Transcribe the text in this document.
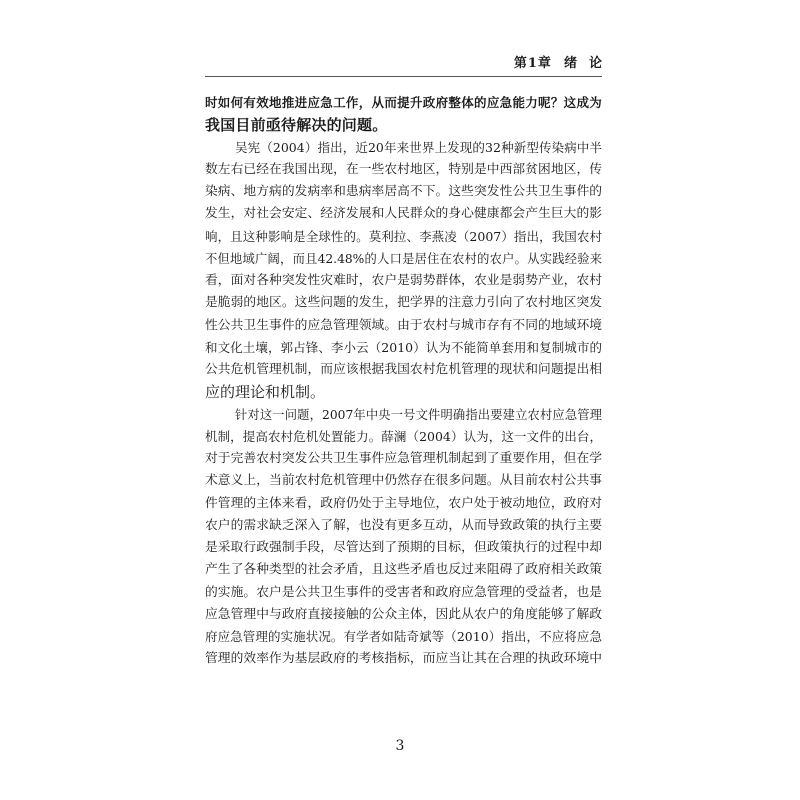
第1章 绪  论
时如何有效地推进应急工作，从而提升政府整体的应急能力呢？这成为
我国目前亟待解决的问题。
吴宪（2004）指出，近20年来世界上发现的32种新型传染病中半
数左右已经在我国出现，在一些农村地区，特别是中西部贫困地区，传
染病、地方病的发病率和患病率居高不下。这些突发性公共卫生事件的
发生，对社会安定、经济发展和人民群众的身心健康都会产生巨大的影
响，且这种影响是全球性的。莫利拉、李燕凌（2007）指出，我国农村
不但地域广阔，而且42.48%的人口是居住在农村的农户。从实践经验来
看，面对各种突发性灾难时，农户是弱势群体，农业是弱势产业，农村
是脆弱的地区。这些问题的发生，把学界的注意力引向了农村地区突发
性公共卫生事件的应急管理领域。由于农村与城市存有不同的地域环境
和文化土壤，郭占锋、李小云（2010）认为不能简单套用和复制城市的
公共危机管理机制，而应该根据我国农村危机管理的现状和问题提出相
应的理论和机制。
针对这一问题，2007年中央一号文件明确指出要建立农村应急管理
机制，提高农村危机处置能力。薛澜（2004）认为，这一文件的出台，
对于完善农村突发公共卫生事件应急管理机制起到了重要作用，但在学
术意义上，当前农村危机管理中仍然存在很多问题。从目前农村公共事
件管理的主体来看，政府仍处于主导地位，农户处于被动地位，政府对
农户的需求缺乏深入了解，也没有更多互动，从而导致政策的执行主要
是采取行政强制手段，尽管达到了预期的目标，但政策执行的过程中却
产生了各种类型的社会矛盾，且这些矛盾也反过来阻碍了政府相关政策
的实施。农户是公共卫生事件的受害者和政府应急管理的受益者，也是
应急管理中与政府直接接触的公众主体，因此从农户的角度能够了解政
府应急管理的实施状况。有学者如陆奇斌等（2010）指出，不应将应急
管理的效率作为基层政府的考核指标，而应当让其在合理的执政环境中
3
